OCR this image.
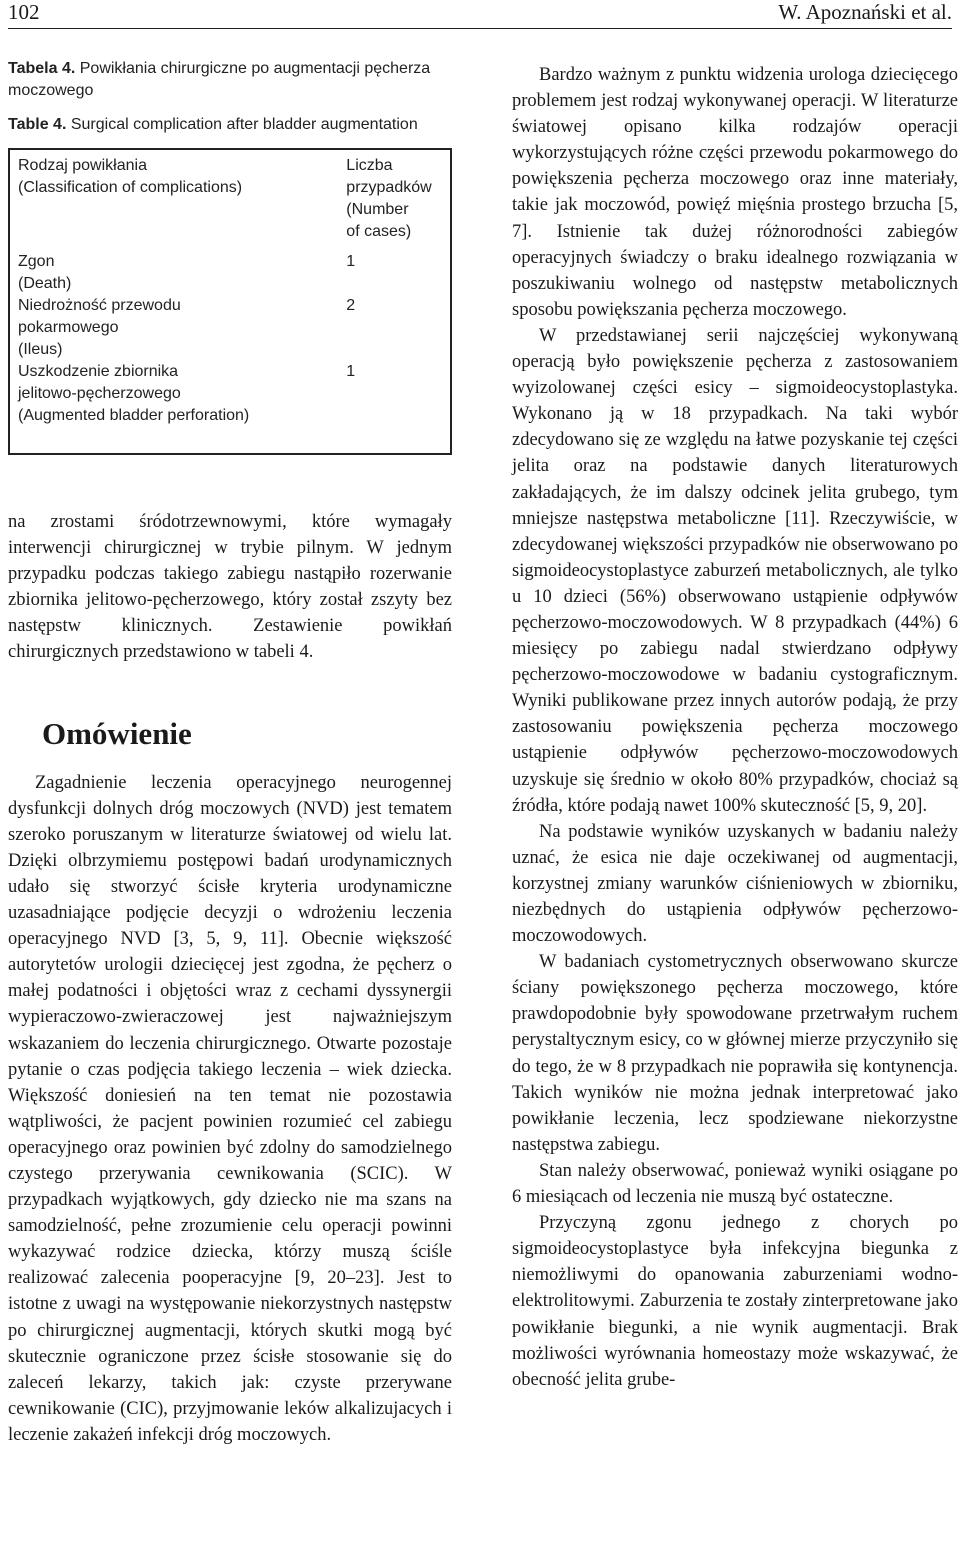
102	W. Apoznański et al.
Tabela 4. Powikłania chirurgiczne po augmentacji pęcherza moczowego
Table 4. Surgical complication after bladder augmentation
Rodzaj powikłania
(Classification of complications)	Liczba
przypadków
(Number
of cases)
Zgon
(Death)	1
Niedrożność przewodu
pokarmowego
(Ileus)	2
Uszkodzenie zbiornika
jelitowo-pęcherzowego
(Augmented bladder perforation)	1

na zrostami śródotrzewnowymi, które wymagały interwencji chirurgicznej w trybie pilnym. W jednym przypadku podczas takiego zabiegu nastąpiło rozerwanie zbiornika jelitowo-pęcherzowego, który został zszyty bez następstw klinicznych. Zestawienie powikłań chirurgicznych przedstawiono w tabeli 4.

Omówienie

Zagadnienie leczenia operacyjnego neurogennej dysfunkcji dolnych dróg moczowych (NVD) jest tematem szeroko poruszanym w literaturze światowej od wielu lat. Dzięki olbrzymiemu postępowi badań urodynamicznych udało się stworzyć ścisłe kryteria urodynamiczne uzasadniające podjęcie decyzji o wdrożeniu leczenia operacyjnego NVD [3, 5, 9, 11]. Obecnie większość autorytetów urologii dziecięcej jest zgodna, że pęcherz o małej podatności i objętości wraz z cechami dyssynergii wypieraczowo-zwieraczowej jest najważniejszym wskazaniem do leczenia chirurgicznego. Otwarte pozostaje pytanie o czas podjęcia takiego leczenia – wiek dziecka. Większość doniesień na ten temat nie pozostawia wątpliwości, że pacjent powinien rozumieć cel zabiegu operacyjnego oraz powinien być zdolny do samodzielnego czystego przerywania cewnikowania (SCIC). W przypadkach wyjątkowych, gdy dziecko nie ma szans na samodzielność, pełne zrozumienie celu operacji powinni wykazywać rodzice dziecka, którzy muszą ściśle realizować zalecenia pooperacyjne [9, 20–23]. Jest to istotne z uwagi na występowanie niekorzystnych następstw po chirurgicznej augmentacji, których skutki mogą być skutecznie ograniczone przez ścisłe stosowanie się do zaleceń lekarzy, takich jak: czyste przerywane cewnikowanie (CIC), przyjmowanie leków alkalizujacych i leczenie zakażeń infekcji dróg moczowych.

Bardzo ważnym z punktu widzenia urologa dziecięcego problemem jest rodzaj wykonywanej operacji. W literaturze światowej opisano kilka rodzajów operacji wykorzystujących różne części przewodu pokarmowego do powiększenia pęcherza moczowego oraz inne materiały, takie jak moczowód, powięź mięśnia prostego brzucha [5, 7]. Istnienie tak dużej różnorodności zabiegów operacyjnych świadczy o braku idealnego rozwiązania w poszukiwaniu wolnego od następstw metabolicznych sposobu powiększania pęcherza moczowego.

W przedstawianej serii najczęściej wykonywaną operacją było powiększenie pęcherza z zastosowaniem wyizolowanej części esicy – sigmoideocystoplastyka. Wykonano ją w 18 przypadkach. Na taki wybór zdecydowano się ze względu na łatwe pozyskanie tej części jelita oraz na podstawie danych literaturowych zakładających, że im dalszy odcinek jelita grubego, tym mniejsze następstwa metaboliczne [11]. Rzeczywiście, w zdecydowanej większości przypadków nie obserwowano po sigmoideocystoplastyce zaburzeń metabolicznych, ale tylko u 10 dzieci (56%) obserwowano ustąpienie odpływów pęcherzowo-moczowodowych. W 8 przypadkach (44%) 6 miesięcy po zabiegu nadal stwierdzano odpływy pęcherzowo-moczowodowe w badaniu cystograficznym. Wyniki publikowane przez innych autorów podają, że przy zastosowaniu powiększenia pęcherza moczowego ustąpienie odpływów pęcherzowo-moczowodowych uzyskuje się średnio w około 80% przypadków, chociaż są źródła, które podają nawet 100% skuteczność [5, 9, 20].

Na podstawie wyników uzyskanych w badaniu należy uznać, że esica nie daje oczekiwanej od augmentacji, korzystnej zmiany warunków ciśnieniowych w zbiorniku, niezbędnych do ustąpienia odpływów pęcherzowo-moczowodowych.

W badaniach cystometrycznych obserwowano skurcze ściany powiększonego pęcherza moczowego, które prawdopodobnie były spowodowane przetrwałym ruchem perystaltycznym esicy, co w głównej mierze przyczyniło się do tego, że w 8 przypadkach nie poprawiła się kontynencja. Takich wyników nie można jednak interpretować jako powikłanie leczenia, lecz spodziewane niekorzystne następstwa zabiegu.

Stan należy obserwować, ponieważ wyniki osiągane po 6 miesiącach od leczenia nie muszą być ostateczne.

Przyczyną zgonu jednego z chorych po sigmoideocystoplastyce była infekcyjna biegunka z niemożliwymi do opanowania zaburzeniami wodno-elektrolitowymi. Zaburzenia te zostały zinterpretowane jako powikłanie biegunki, a nie wynik augmentacji. Brak możliwości wyrównania homeostazy może wskazywać, że obecność jelita grube-
